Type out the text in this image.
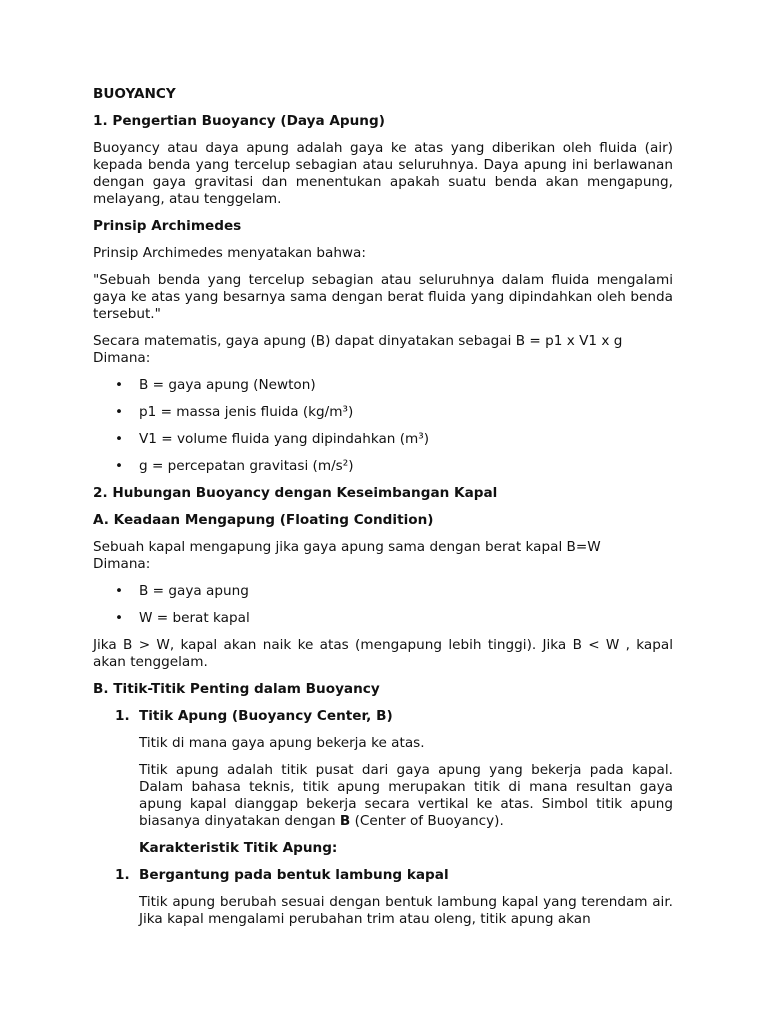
BUOYANCY

1. Pengertian Buoyancy (Daya Apung)

Buoyancy atau daya apung adalah gaya ke atas yang diberikan oleh fluida (air) kepada benda yang tercelup sebagian atau seluruhnya. Daya apung ini berlawanan dengan gaya gravitasi dan menentukan apakah suatu benda akan mengapung, melayang, atau tenggelam.

Prinsip Archimedes

Prinsip Archimedes menyatakan bahwa:

"Sebuah benda yang tercelup sebagian atau seluruhnya dalam fluida mengalami gaya ke atas yang besarnya sama dengan berat fluida yang dipindahkan oleh benda tersebut."

Secara matematis, gaya apung (B) dapat dinyatakan sebagai B = p1 x V1 x g

Dimana:

• B = gaya apung (Newton)
• p1 = massa jenis fluida (kg/m³)
• V1 = volume fluida yang dipindahkan (m³)
• g = percepatan gravitasi (m/s²)

2. Hubungan Buoyancy dengan Keseimbangan Kapal

A. Keadaan Mengapung (Floating Condition)

Sebuah kapal mengapung jika gaya apung sama dengan berat kapal B=W

Dimana:

• B = gaya apung
• W = berat kapal

Jika B > W, kapal akan naik ke atas (mengapung lebih tinggi). Jika B < W , kapal akan tenggelam.

B. Titik-Titik Penting dalam Buoyancy

1. Titik Apung (Buoyancy Center, B)

Titik di mana gaya apung bekerja ke atas.

Titik apung adalah titik pusat dari gaya apung yang bekerja pada kapal. Dalam bahasa teknis, titik apung merupakan titik di mana resultan gaya apung kapal dianggap bekerja secara vertikal ke atas. Simbol titik apung biasanya dinyatakan dengan B (Center of Buoyancy).

Karakteristik Titik Apung:

1. Bergantung pada bentuk lambung kapal

Titik apung berubah sesuai dengan bentuk lambung kapal yang terendam air. Jika kapal mengalami perubahan trim atau oleng, titik apung akan
